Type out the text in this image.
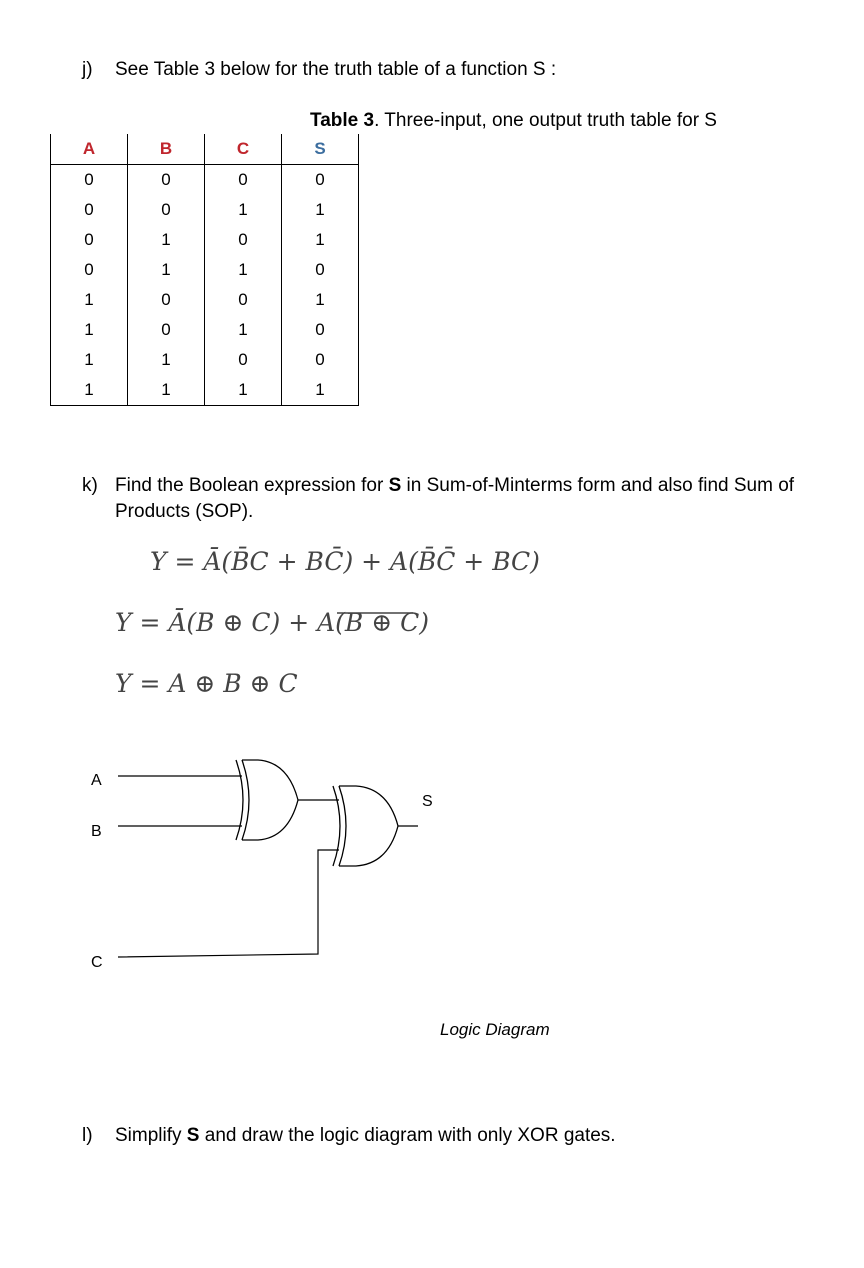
j) See Table 3 below for the truth table of a function S :
Table 3. Three-input, one output truth table for S
A	B	C	S
0	0	0	0
0	0	1	1
0	1	0	1
0	1	1	0
1	0	0	1
1	0	1	0
1	1	0	0
1	1	1	1
k) Find the Boolean expression for S in Sum-of-Minterms form and also find Sum of
Products (SOP).
Y = Ā(B̄C + BC̄) + A(B̄C̄ + BC)
Y = Ā(B ⊕ C) + A(B ⊕ C)
Y = A ⊕ B ⊕ C
A
B
C
S
Logic Diagram
l) Simplify S and draw the logic diagram with only XOR gates.
